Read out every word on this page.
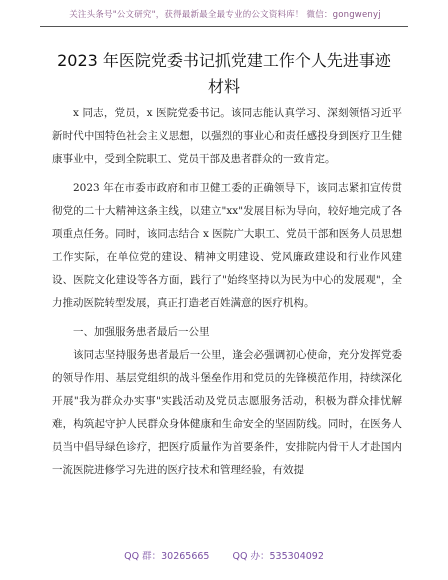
关注头条号"公文研究"，获得最新最全最专业的公文资料库！ 微信：gongwenyj
2023 年医院党委书记抓党建工作个人先进事迹
材料

x 同志，党员，x 医院党委书记。该同志能认真学习、深刻领悟习近平新时代中国特色社会主义思想，以强烈的事业心和责任感投身到医疗卫生健康事业中，受到全院职工、党员干部及患者群众的一致肯定。

2023 年在市委市政府和市卫健工委的正确领导下，该同志紧扣宣传贯彻党的二十大精神这条主线，以建立"xx"发展目标为导向，较好地完成了各项重点任务。同时，该同志结合 x 医院广大职工、党员干部和医务人员思想工作实际，在单位党的建设、精神文明建设、党风廉政建设和行业作风建设、医院文化建设等各方面，践行了"始终坚持以为民为中心的发展观"，全力推动医院转型发展，真正打造老百姓满意的医疗机构。

一、加强服务患者最后一公里

该同志坚持服务患者最后一公里，逢会必强调初心使命，充分发挥党委的领导作用、基层党组织的战斗堡垒作用和党员的先锋模范作用，持续深化开展"我为群众办实事"实践活动及党员志愿服务活动，积极为群众排忧解难，构筑起守护人民群众身体健康和生命安全的坚固防线。同时，在医务人员当中倡导绿色诊疗，把医疗质量作为首要条件，安排院内骨干人才赴国内一流医院进修学习先进的医疗技术和管理经验，有效提

QQ 群：30265665 QQ 办：535304092
